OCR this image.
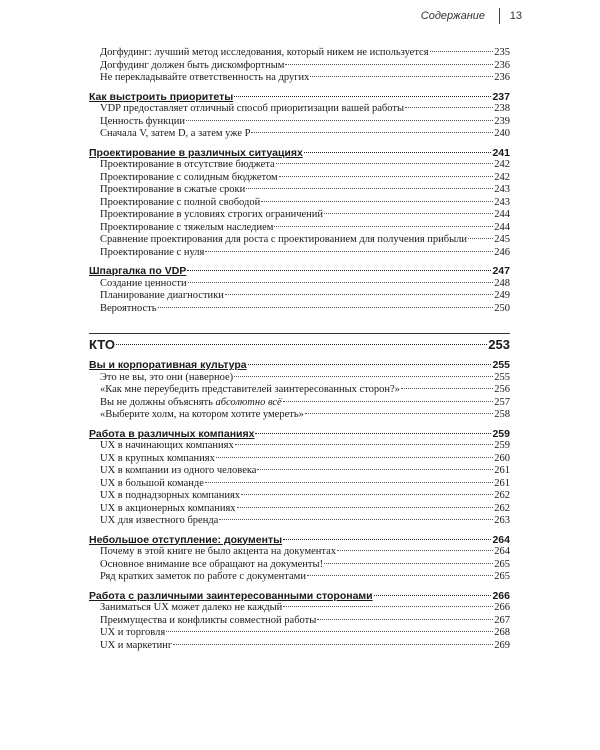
Содержание 13
Догфудинг: лучший метод исследования, который никем не используется	235
Догфудинг должен быть дискомфортным	236
Не перекладывайте ответственность на других	236
Как выстроить приоритеты	237
VDP предоставляет отличный способ приоритизации вашей работы	238
Ценность функции	239
Сначала V, затем D, а затем уже P	240
Проектирование в различных ситуациях	241
Проектирование в отсутствие бюджета	242
Проектирование с солидным бюджетом	242
Проектирование в сжатые сроки	243
Проектирование с полной свободой	243
Проектирование в условиях строгих ограничений	244
Проектирование с тяжелым наследием	244
Сравнение проектирования для роста с проектированием для получения прибыли	245
Проектирование с нуля	246
Шпаргалка по VDP	247
Создание ценности	248
Планирование диагностики	249
Вероятность	250
КТО	253
Вы и корпоративная культура	255
Это не вы, это они (наверное)	255
«Как мне переубедить представителей заинтересованных сторон?»	256
Вы не должны объяснять абсолютно всё	257
«Выберите холм, на котором хотите умереть»	258
Работа в различных компаниях	259
UX в начинающих компаниях	259
UX в крупных компаниях	260
UX в компании из одного человека	261
UX в большой команде	261
UX в поднадзорных компаниях	262
UX в акционерных компаниях	262
UX для известного бренда	263
Небольшое отступление: документы	264
Почему в этой книге не было акцента на документах	264
Основное внимание все обращают на документы!	265
Ряд кратких заметок по работе с документами	265
Работа с различными заинтересованными сторонами	266
Заниматься UX может далеко не каждый	266
Преимущества и конфликты совместной работы	267
UX и торговля	268
UX и маркетинг	269
